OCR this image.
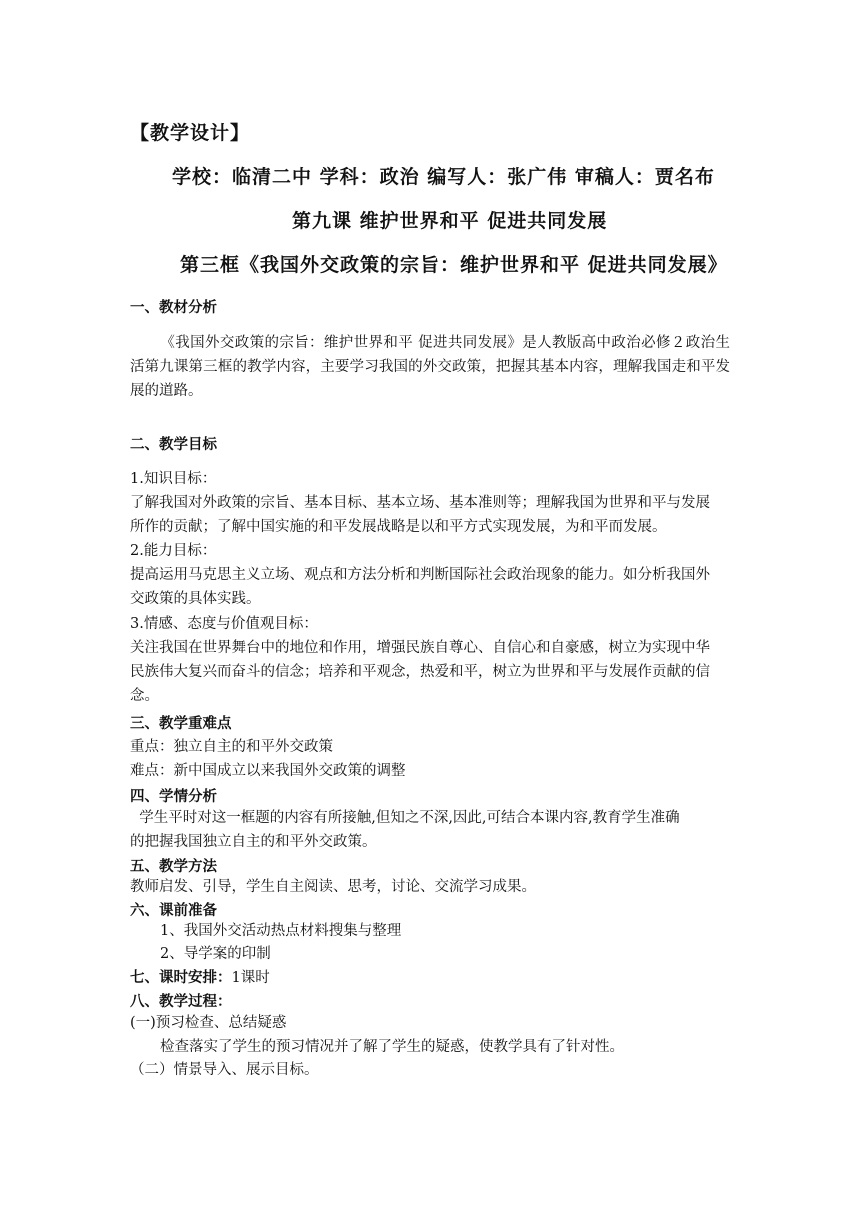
【教学设计】
学校：临清二中 学科：政治 编写人：张广伟 审稿人：贾名布
第九课 维护世界和平 促进共同发展
第三框《我国外交政策的宗旨：维护世界和平 促进共同发展》
一、教材分析
《我国外交政策的宗旨：维护世界和平 促进共同发展》是人教版高中政治必修２政治生活第九课第三框的教学内容，主要学习我国的外交政策，把握其基本内容，理解我国走和平发展的道路。
二、教学目标
1.知识目标：
了解我国对外政策的宗旨、基本目标、基本立场、基本准则等；理解我国为世界和平与发展
所作的贡献；了解中国实施的和平发展战略是以和平方式实现发展，为和平而发展。
2.能力目标：
提高运用马克思主义立场、观点和方法分析和判断国际社会政治现象的能力。如分析我国外
交政策的具体实践。
3.情感、态度与价值观目标：
关注我国在世界舞台中的地位和作用，增强民族自尊心、自信心和自豪感，树立为实现中华
民族伟大复兴而奋斗的信念；培养和平观念，热爱和平，树立为世界和平与发展作贡献的信
念。
三、教学重难点
重点：独立自主的和平外交政策
难点：新中国成立以来我国外交政策的调整
四、学情分析
学生平时对这一框题的内容有所接触,但知之不深,因此,可结合本课内容,教育学生准确
的把握我国独立自主的和平外交政策。
五、教学方法
教师启发、引导，学生自主阅读、思考，讨论、交流学习成果。
六、课前准备
1、我国外交活动热点材料搜集与整理
2、导学案的印制
七、课时安排：1课时
八、教学过程：
(一)预习检查、总结疑惑
检查落实了学生的预习情况并了解了学生的疑惑，使教学具有了针对性。
（二）情景导入、展示目标。
